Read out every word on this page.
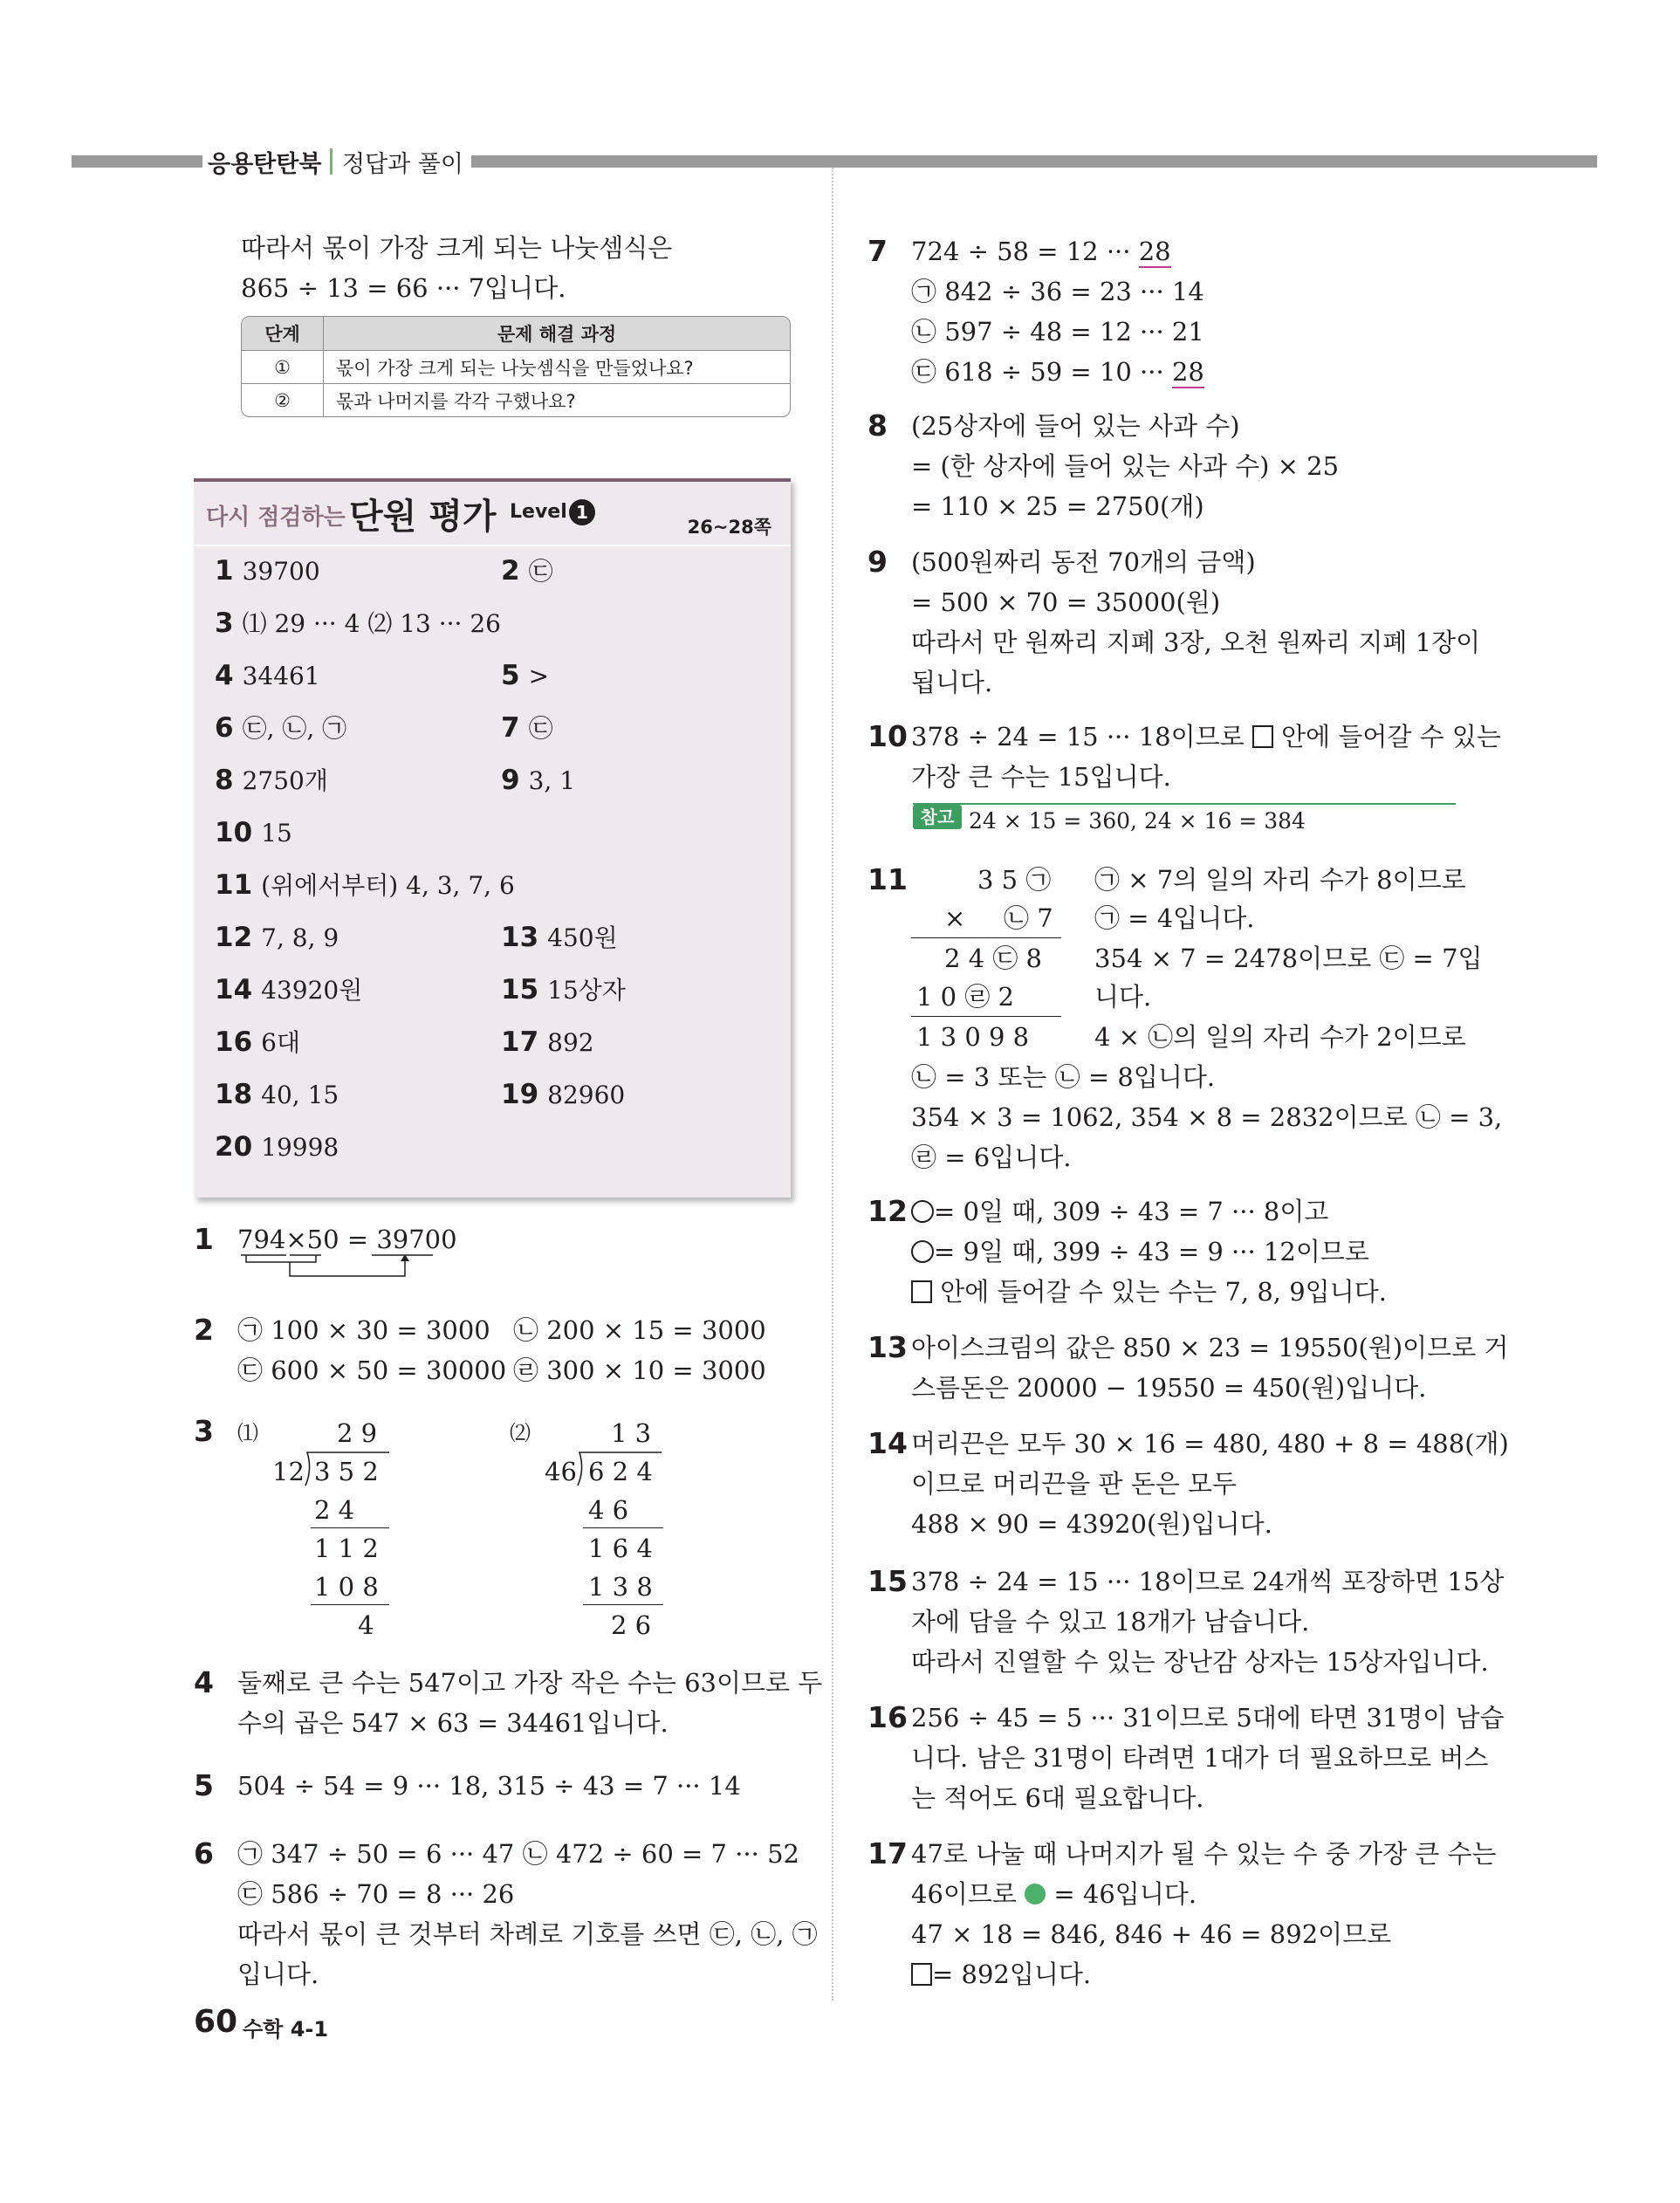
응용탄탄북 정답과 풀이
따라서 몫이 가장 크게 되는 나눗셈식은
865 ÷ 13 = 66 ··· 7입니다.
단계	문제 해결 과정
①	몫이 가장 크게 되는 나눗셈식을 만들었나요?
②	몫과 나머지를 각각 구했나요?
다시 점검하는 단원 평가 Level 1
26~28쪽
1 39700	2 ㉢
3 ⑴ 29 ··· 4 ⑵ 13 ··· 26
4 34461	5 >
6 ㉢, ㉡, ㉠	7 ㉢
8 2750개	9 3, 1
10 15
11 (위에서부터) 4, 3, 7, 6
12 7, 8, 9	13 450원
14 43920원	15 15상자
16 6대	17 892
18 40, 15	19 82960
20 19998
1 794×50 = 39700
2 ㉠ 100 × 30 = 3000 ㉡ 200 × 15 = 3000
㉢ 600 × 50 = 30000 ㉣ 300 × 10 = 3000
3 ⑴	2 9
12 3 5 2
2 4
1 1 2
1 0 8
4
⑵	1 3
46 6 2 4
4 6
1 6 4
1 3 8
2 6
4 둘째로 큰 수는 547이고 가장 작은 수는 63이므로 두
수의 곱은 547 × 63 = 34461입니다.
5 504 ÷ 54 = 9 ··· 18, 315 ÷ 43 = 7 ··· 14
6 ㉠ 347 ÷ 50 = 6 ··· 47 ㉡ 472 ÷ 60 = 7 ··· 52
㉢ 586 ÷ 70 = 8 ··· 26
따라서 몫이 큰 것부터 차례로 기호를 쓰면 ㉢, ㉡, ㉠
입니다.
7 724 ÷ 58 = 12 ··· 28
㉠ 842 ÷ 36 = 23 ··· 14
㉡ 597 ÷ 48 = 12 ··· 21
㉢ 618 ÷ 59 = 10 ··· 28
8 (25상자에 들어 있는 사과 수)
= (한 상자에 들어 있는 사과 수) × 25
= 110 × 25 = 2750(개)
9 (500원짜리 동전 70개의 금액)
= 500 × 70 = 35000(원)
따라서 만 원짜리 지폐 3장, 오천 원짜리 지폐 1장이
됩니다.
10 378 ÷ 24 = 15 ··· 18이므로 안에 들어갈 수 있는
가장 큰 수는 15입니다.
참고 24 × 15 = 360, 24 × 16 = 384
11	3 5 ㉠
× ㉡ 7
2 4 ㉢ 8
1 0 ㉣ 2
1 3 0 9 8
㉠ × 7의 일의 자리 수가 8이므로
㉠ = 4입니다.
354 × 7 = 2478이므로 ㉢ = 7입
니다.
4 × ㉡의 일의 자리 수가 2이므로
㉡ = 3 또는 ㉡ = 8입니다.
354 × 3 = 1062, 354 × 8 = 2832이므로 ㉡ = 3,
㉣ = 6입니다.
12	= 0일 때, 309 ÷ 43 = 7 ··· 8이고
= 9일 때, 399 ÷ 43 = 9 ··· 12이므로
안에 들어갈 수 있는 수는 7, 8, 9입니다.
13 아이스크림의 값은 850 × 23 = 19550(원)이므로 거
스름돈은 20000 − 19550 = 450(원)입니다.
14 머리끈은 모두 30 × 16 = 480, 480 + 8 = 488(개)
이므로 머리끈을 판 돈은 모두
488 × 90 = 43920(원)입니다.
15 378 ÷ 24 = 15 ··· 18이므로 24개씩 포장하면 15상
자에 담을 수 있고 18개가 남습니다.
따라서 진열할 수 있는 장난감 상자는 15상자입니다.
16 256 ÷ 45 = 5 ··· 31이므로 5대에 타면 31명이 남습
니다. 남은 31명이 타려면 1대가 더 필요하므로 버스
는 적어도 6대 필요합니다.
17 47로 나눌 때 나머지가 될 수 있는 수 중 가장 큰 수는
46이므로 = 46입니다.
47 × 18 = 846, 846 + 46 = 892이므로
= 892입니다.
60 수학 4-1
